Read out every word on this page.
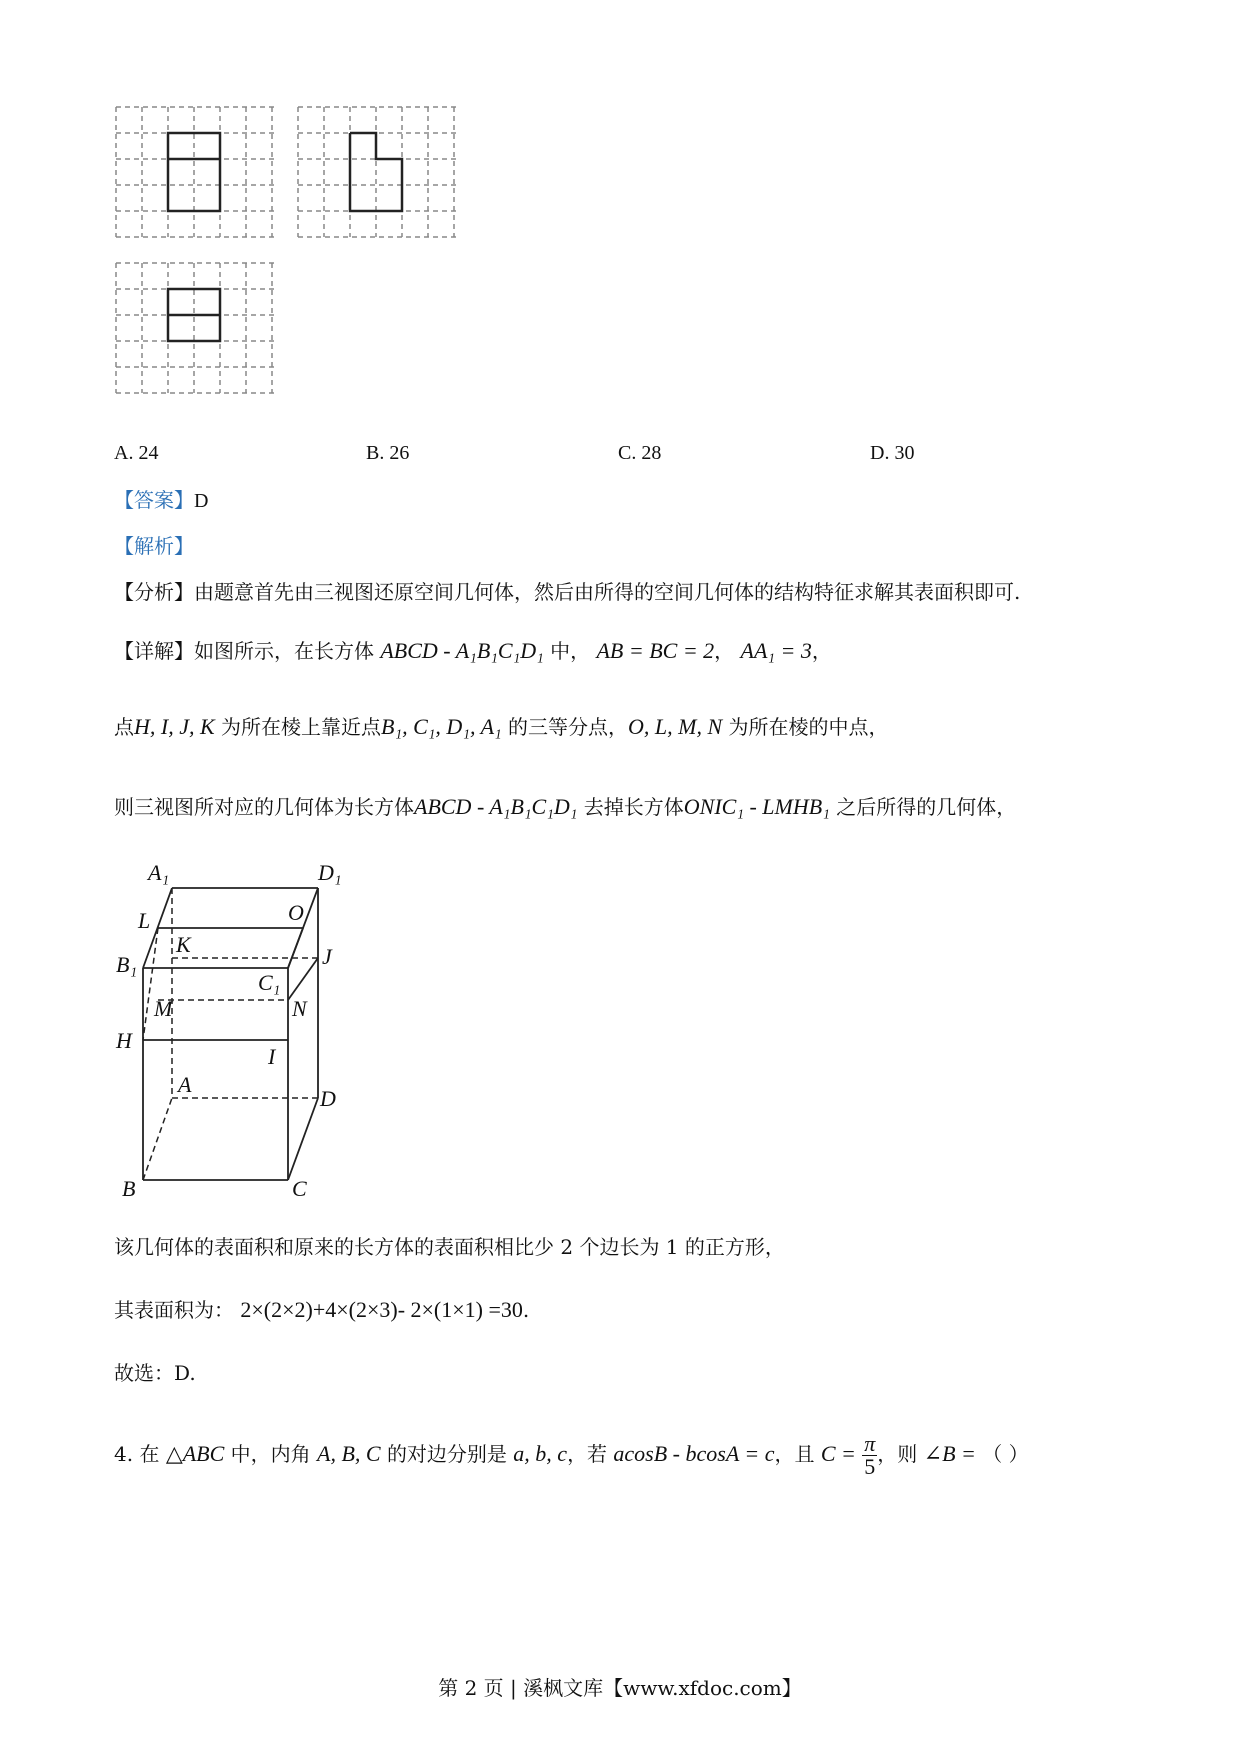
A. 24	B. 26	C. 28	D. 30
【答案】D
【解析】
【分析】由题意首先由三视图还原空间几何体，然后由所得的空间几何体的结构特征求解其表面积即可.
【详解】如图所示，在长方体 ABCD - A₁B₁C₁D₁ 中， AB = BC = 2， AA₁ = 3，
点H, I, J, K 为所在棱上靠近点B₁, C₁, D₁, A₁ 的三等分点，O, L, M, N 为所在棱的中点，
则三视图所对应的几何体为长方体ABCD - A₁B₁C₁D₁ 去掉长方体ONIC₁ - LMHB₁ 之后所得的几何体，
A₁	D₁
L	O
K	J
B₁
C₁
M	N
H
I
A
D
B	C
该几何体的表面积和原来的长方体的表面积相比少 2 个边长为 1 的正方形，
其表面积为： 2×(2×2)+4×(2×3)- 2×(1×1) =30.
故选：D.
4. 在 △ABC 中，内角 A, B, C 的对边分别是 a, b, c，若 acosB - bcosA = c，且 $C = \frac{\pi}{5}$ ，则 ∠B = （ ）
第 2 页 | 溪枫文库【www.xfdoc.com】
